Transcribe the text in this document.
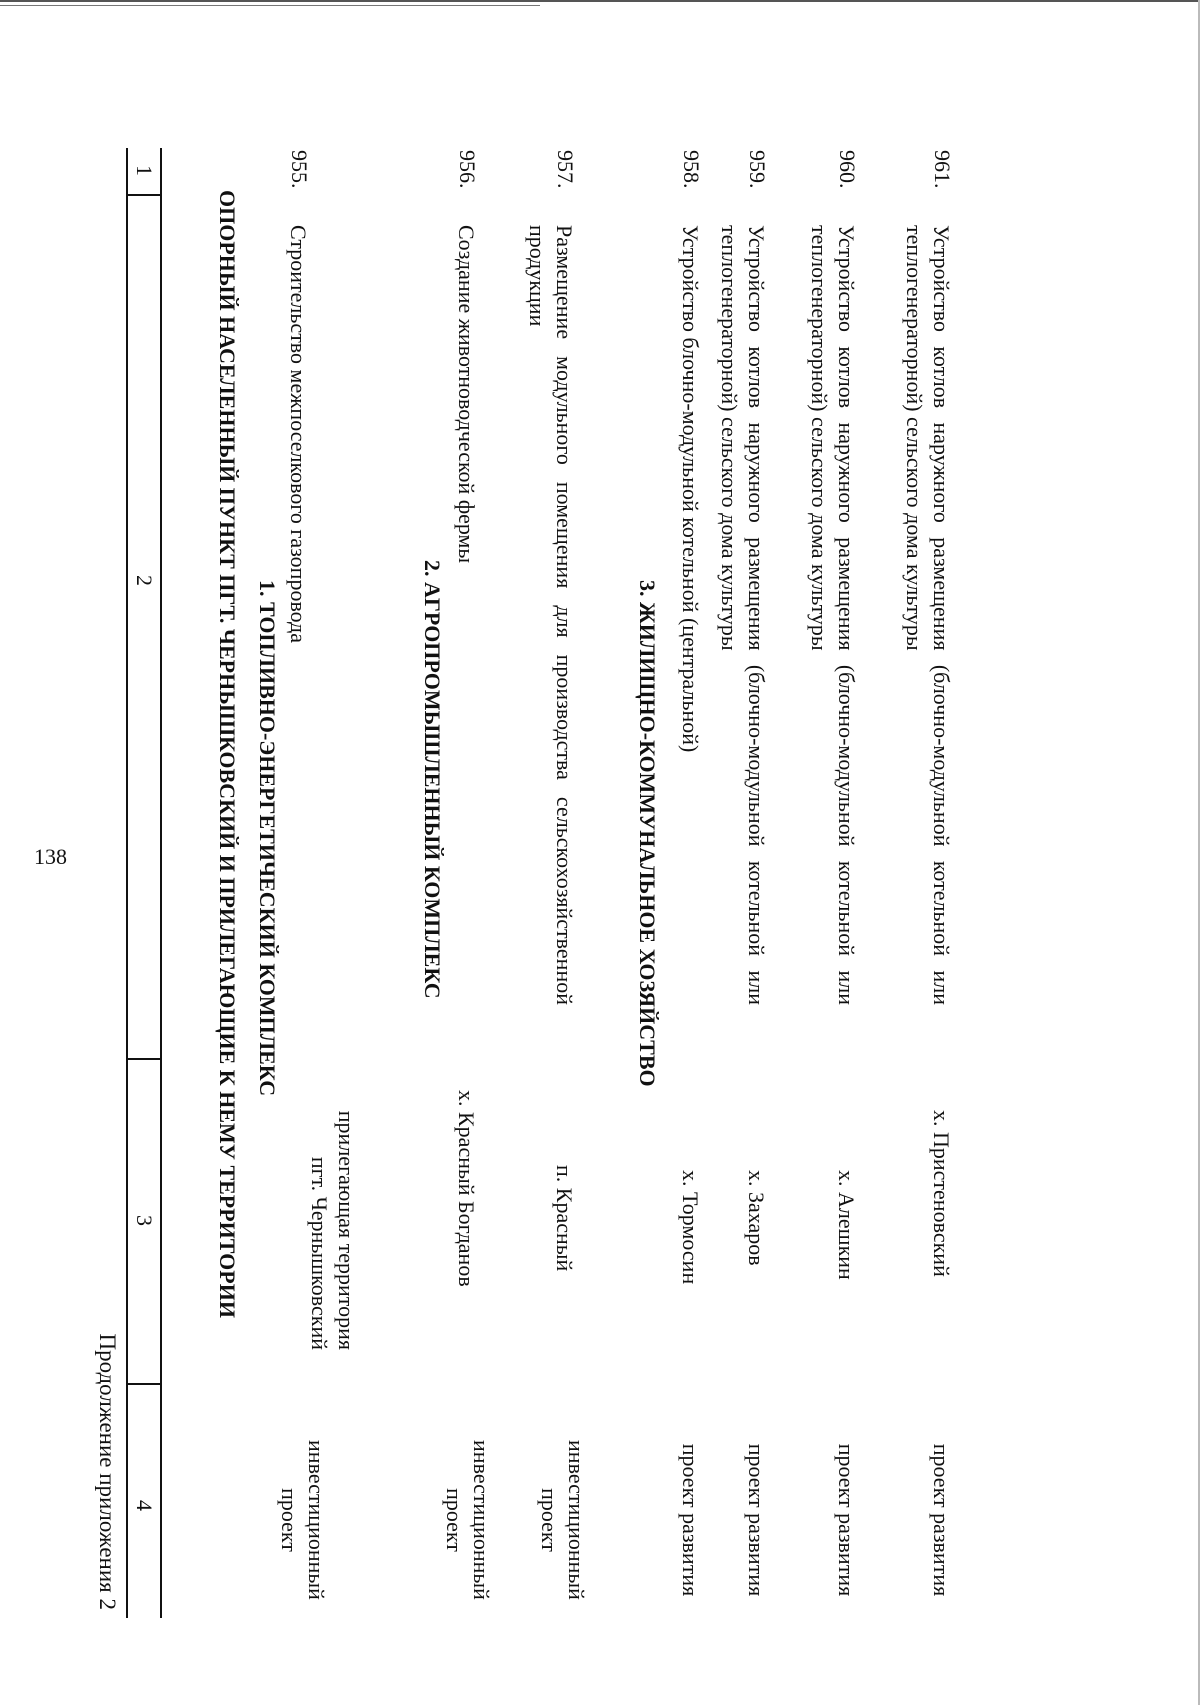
138
Продолжение приложения 2
1
2
3
4
ОПОРНЫЙ НАСЕЛЕННЫЙ ПУНКТ ПГТ. ЧЕРНЫШКОВСКИЙ И ПРИЛЕГАЮЩИЕ К НЕМУ ТЕРРИТОРИИ 1. ТОПЛИВНО-ЭНЕРГЕТИЧЕСКИЙ КОМПЛЕКС
955.
Строительство межпоселкового газопровода
прилегающая территория пгт. Чернышковский
инвестиционный проект
2. АГРОПРОМЫШЛЕННЫЙ КОМПЛЕКС
956.
Создание животноводческой фермы
х. Красный Богданов
инвестиционный проект
957.
Размещение модульного помещения для производства сельскохозяйственной продукции
п. Красный
инвестиционный проект
3. ЖИЛИЩНО-КОММУНАЛЬНОЕ ХОЗЯЙСТВО
958.
Устройство блочно-модульной котельной (центральной)
х. Тормосин
проект развития
959.
Устройство котлов наружного размещения (блочно-модульной котельной или теплогенераторной) сельского дома культуры
х. Захаров
проект развития
960.
Устройство котлов наружного размещения (блочно-модульной котельной или теплогенераторной) сельского дома культуры
х. Алешкин
проект развития
961.
Устройство котлов наружного размещения (блочно-модульной котельной или теплогенераторной) сельского дома культуры
х. Пристеновский
проект развития
